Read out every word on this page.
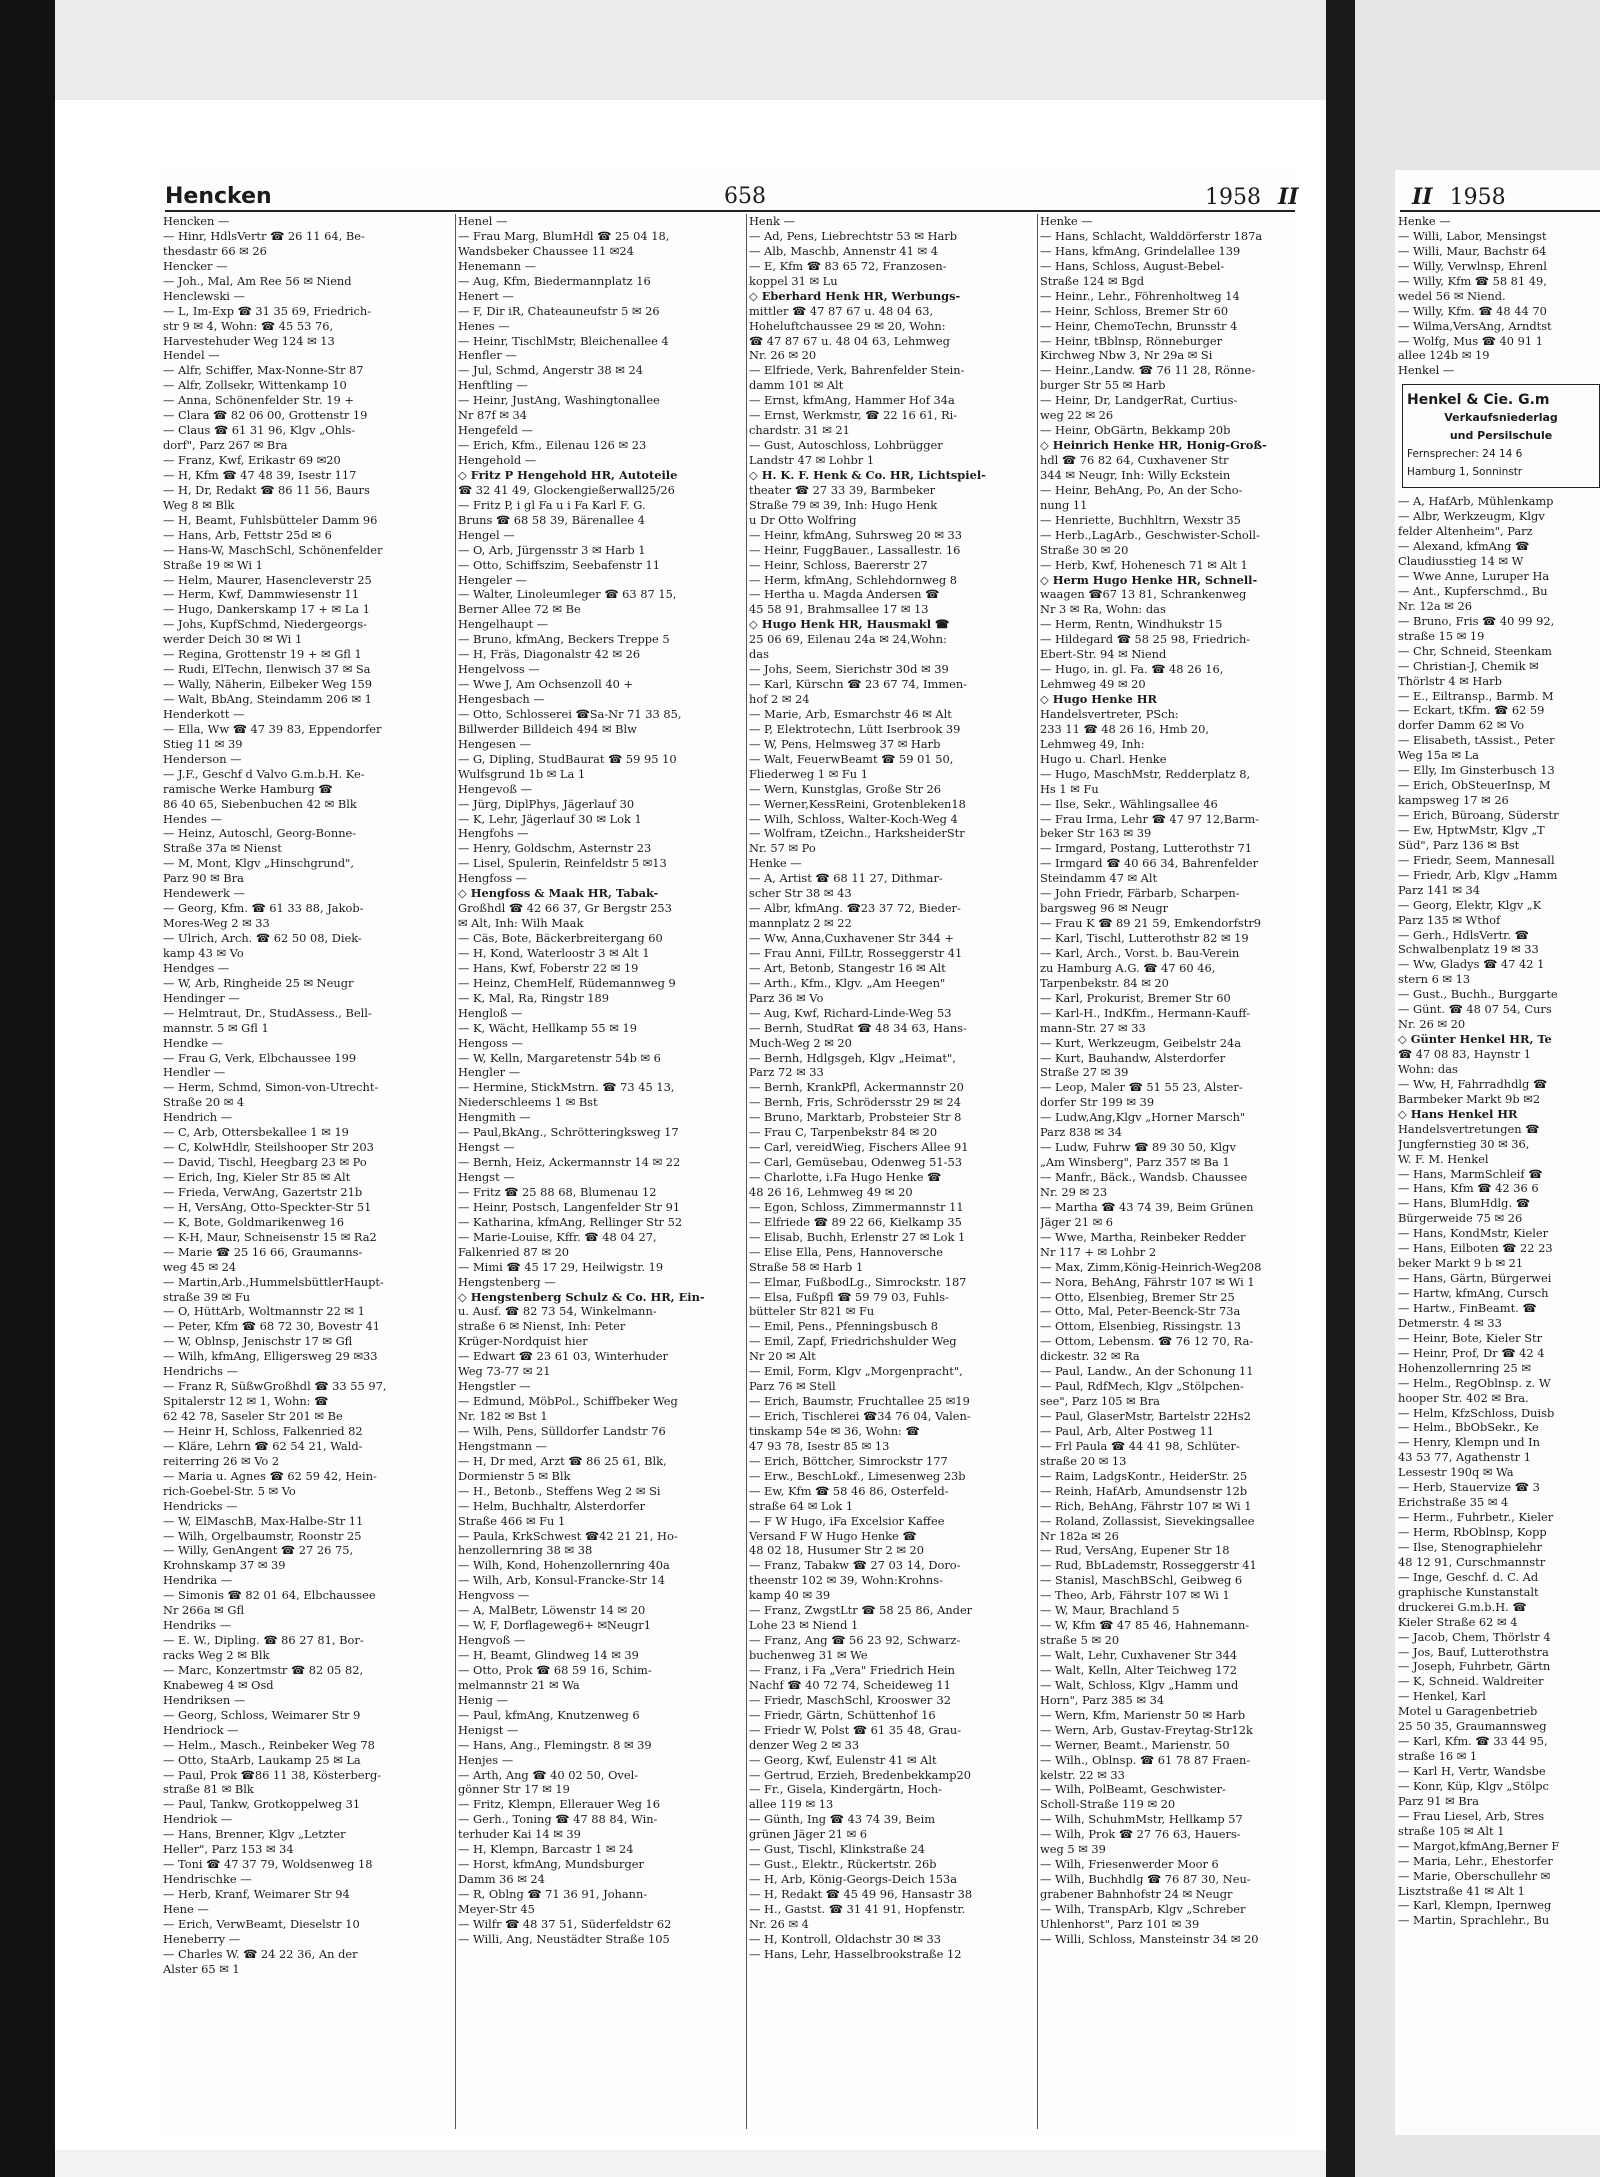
Hencken	658	1958 II	II 1958
Hencken —
— Hinr, HdlsVertr ☎ 26 11 64, Be-
thesdastr 66 ✉ 26
Hencker —
— Joh., Mal, Am Ree 56 ✉ Niend
Henclewski —
— L, Im-Exp ☎ 31 35 69, Friedrich-
str 9 ✉ 4, Wohn: ☎ 45 53 76,
Harvestehuder Weg 124 ✉ 13
Hendel —
— Alfr, Schiffer, Max-Nonne-Str 87
— Alfr, Zollsekr, Wittenkamp 10
— Anna, Schönenfelder Str. 19 +
— Clara ☎ 82 06 00, Grottenstr 19
— Claus ☎ 61 31 96, Klgv „Ohls-
dorf", Parz 267 ✉ Bra
— Franz, Kwf, Erikastr 69 ✉20
— H, Kfm ☎ 47 48 39, Isestr 117
— H, Dr, Redakt ☎ 86 11 56, Baurs
Weg 8 ✉ Blk
— H, Beamt, Fuhlsbütteler Damm 96
— Hans, Arb, Fettstr 25d ✉ 6
— Hans-W, MaschSchl, Schönenfelder
Straße 19 ✉ Wi 1
— Helm, Maurer, Hasencleverstr 25
— Herm, Kwf, Dammwiesenstr 11
— Hugo, Dankerskamp 17 + ✉ La 1
— Johs, KupfSchmd, Niedergeorgs-
werder Deich 30 ✉ Wi 1
— Regina, Grottenstr 19 + ✉ Gfl 1
— Rudi, ElTechn, Ilenwisch 37 ✉ Sa
— Wally, Näherin, Eilbeker Weg 159
— Walt, BbAng, Steindamm 206 ✉ 1
Henderkott —
— Ella, Ww ☎ 47 39 83, Eppendorfer
Stieg 11 ✉ 39
Henderson —
— J.F., Geschf d Valvo G.m.b.H. Ke-
ramische Werke Hamburg ☎
86 40 65, Siebenbuchen 42 ✉ Blk
Hendes —
— Heinz, Autoschl, Georg-Bonne-
Straße 37a ✉ Nienst
— M, Mont, Klgv „Hinschgrund",
Parz 90 ✉ Bra
Hendewerk —
— Georg, Kfm. ☎ 61 33 88, Jakob-
Mores-Weg 2 ✉ 33
— Ulrich, Arch. ☎ 62 50 08, Diek-
kamp 43 ✉ Vo
Hendges —
— W, Arb, Ringheide 25 ✉ Neugr
Hendinger —
— Helmtraut, Dr., StudAssess., Bell-
mannstr. 5 ✉ Gfl 1
Hendke —
— Frau G, Verk, Elbchaussee 199
Hendler —
— Herm, Schmd, Simon-von-Utrecht-
Straße 20 ✉ 4
Hendrich —
— C, Arb, Ottersbekallee 1 ✉ 19
— C, KolwHdlr, Steilshooper Str 203
— David, Tischl, Heegbarg 23 ✉ Po
— Erich, Ing, Kieler Str 85 ✉ Alt
— Frieda, VerwAng, Gazertstr 21b
— H, VersAng, Otto-Speckter-Str 51
— K, Bote, Goldmarikenweg 16
— K-H, Maur, Schneisenstr 15 ✉ Ra2
— Marie ☎ 25 16 66, Graumanns-
weg 45 ✉ 24
— Martin,Arb.,HummelsbüttlerHaupt-
straße 39 ✉ Fu
— O, HüttArb, Woltmannstr 22 ✉ 1
— Peter, Kfm ☎ 68 72 30, Bovestr 41
— W, Oblnsp, Jenischstr 17 ✉ Gfl
— Wilh, kfmAng, Elligersweg 29 ✉33
Hendrichs —
— Franz R, SüßwGroßhdl ☎ 33 55 97,
Spitalerstr 12 ✉ 1, Wohn: ☎
62 42 78, Saseler Str 201 ✉ Be
— Heinr H, Schloss, Falkenried 82
— Kläre, Lehrn ☎ 62 54 21, Wald-
reiterring 26 ✉ Vo 2
— Maria u. Agnes ☎ 62 59 42, Hein-
rich-Goebel-Str. 5 ✉ Vo
Hendricks —
— W, ElMaschB, Max-Halbe-Str 11
— Wilh, Orgelbaumstr, Roonstr 25
— Willy, GenAngent ☎ 27 26 75,
Krohnskamp 37 ✉ 39
Hendrika —
— Simonis ☎ 82 01 64, Elbchaussee
Nr 266a ✉ Gfl
Hendriks —
— E. W., Dipling. ☎ 86 27 81, Bor-
racks Weg 2 ✉ Blk
— Marc, Konzertmstr ☎ 82 05 82,
Knabeweg 4 ✉ Osd
Hendriksen —
— Georg, Schloss, Weimarer Str 9
Hendriock —
— Helm., Masch., Reinbeker Weg 78
— Otto, StaArb, Laukamp 25 ✉ La
— Paul, Prok ☎86 11 38, Kösterberg-
straße 81 ✉ Blk
— Paul, Tankw, Grotkoppelweg 31
Hendriok —
— Hans, Brenner, Klgv „Letzter
Heller", Parz 153 ✉ 34
— Toni ☎ 47 37 79, Woldsenweg 18
Hendrischke —
— Herb, Kranf, Weimarer Str 94
Hene —
— Erich, VerwBeamt, Dieselstr 10
Heneberry —
— Charles W. ☎ 24 22 36, An der
Alster 65 ✉ 1
Henel —
— Frau Marg, BlumHdl ☎ 25 04 18,
Wandsbeker Chaussee 11 ✉24
Henemann —
— Aug, Kfm, Biedermannplatz 16
Henert —
— F, Dir iR, Chateauneufstr 5 ✉ 26
Henes —
— Heinr, TischlMstr, Bleichenallee 4
Henfler —
— Jul, Schmd, Angerstr 38 ✉ 24
Henftling —
— Heinr, JustAng, Washingtonallee
Nr 87f ✉ 34
Hengefeld —
— Erich, Kfm., Eilenau 126 ✉ 23
Hengehold —
◇ Fritz P Hengehold HR, Autoteile
☎ 32 41 49, Glockengießerwall25/26
— Fritz P, i gl Fa u i Fa Karl F. G.
Bruns ☎ 68 58 39, Bärenallee 4
Hengel —
— O, Arb, Jürgensstr 3 ✉ Harb 1
— Otto, Schiffszim, Seebafenstr 11
Hengeler —
— Walter, Linoleumleger ☎ 63 87 15,
Berner Allee 72 ✉ Be
Hengelhaupt —
— Bruno, kfmAng, Beckers Treppe 5
— H, Fräs, Diagonalstr 42 ✉ 26
Hengelvoss —
— Wwe J, Am Ochsenzoll 40 +
Hengesbach —
— Otto, Schlosserei ☎Sa-Nr 71 33 85,
Billwerder Billdeich 494 ✉ Blw
Hengesen —
— G, Dipling, StudBaurat ☎ 59 95 10
Wulfsgrund 1b ✉ La 1
Hengevoß —
— Jürg, DiplPhys, Jägerlauf 30
— K, Lehr, Jägerlauf 30 ✉ Lok 1
Hengfohs —
— Henry, Goldschm, Asternstr 23
— Lisel, Spulerin, Reinfeldstr 5 ✉13
Hengfoss —
◇ Hengfoss & Maak HR, Tabak-
Großhdl ☎ 42 66 37, Gr Bergstr 253
✉ Alt, Inh: Wilh Maak
— Cäs, Bote, Bäckerbreitergang 60
— H, Kond, Waterloostr 3 ✉ Alt 1
— Hans, Kwf, Foberstr 22 ✉ 19
— Heinz, ChemHelf, Rüdemannweg 9
— K, Mal, Ra, Ringstr 189
Hengloß —
— K, Wächt, Hellkamp 55 ✉ 19
Hengoss —
— W, Kelln, Margaretenstr 54b ✉ 6
Hengler —
— Hermine, StickMstrn. ☎ 73 45 13,
Niederschleems 1 ✉ Bst
Hengmith —
— Paul,BkAng., Schrötteringksweg 17
Hengst —
— Bernh, Heiz, Ackermannstr 14 ✉ 22
Hengst —
— Fritz ☎ 25 88 68, Blumenau 12
— Heinr, Postsch, Langenfelder Str 91
— Katharina, kfmAng, Rellinger Str 52
— Marie-Louise, Kffr. ☎ 48 04 27,
Falkenried 87 ✉ 20
— Mimi ☎ 45 17 29, Heilwigstr. 19
Hengstenberg —
◇ Hengstenberg Schulz & Co. HR, Ein-
u. Ausf. ☎ 82 73 54, Winkelmann-
straße 6 ✉ Nienst, Inh: Peter
Krüger-Nordquist hier
— Edwart ☎ 23 61 03, Winterhuder
Weg 73-77 ✉ 21
Hengstler —
— Edmund, MöbPol., Schiffbeker Weg
Nr. 182 ✉ Bst 1
— Wilh, Pens, Sülldorfer Landstr 76
Hengstmann —
— H, Dr med, Arzt ☎ 86 25 61, Blk,
Dormienstr 5 ✉ Blk
— H., Betonb., Steffens Weg 2 ✉ Si
— Helm, Buchhaltr, Alsterdorfer
Straße 466 ✉ Fu 1
— Paula, KrkSchwest ☎42 21 21, Ho-
henzollernring 38 ✉ 38
— Wilh, Kond, Hohenzollernring 40a
— Wilh, Arb, Konsul-Francke-Str 14
Hengvoss —
— A, MalBetr, Löwenstr 14 ✉ 20
— W, F, Dorflageweg6+ ✉Neugr1
Hengvoß —
— H, Beamt, Glindweg 14 ✉ 39
— Otto, Prok ☎ 68 59 16, Schim-
melmannstr 21 ✉ Wa
Henig —
— Paul, kfmAng, Knutzenweg 6
Henigst —
— Hans, Ang., Flemingstr. 8 ✉ 39
Henjes —
— Arth, Ang ☎ 40 02 50, Ovel-
gönner Str 17 ✉ 19
— Fritz, Klempn, Ellerauer Weg 16
— Gerh., Toning ☎ 47 88 84, Win-
terhuder Kai 14 ✉ 39
— H, Klempn, Barcastr 1 ✉ 24
— Horst, kfmAng, Mundsburger
Damm 36 ✉ 24
— R, Oblng ☎ 71 36 91, Johann-
Meyer-Str 45
— Wilfr ☎ 48 37 51, Süderfeldstr 62
— Willi, Ang, Neustädter Straße 105
Henk —
— Ad, Pens, Liebrechtstr 53 ✉ Harb
— Alb, Maschb, Annenstr 41 ✉ 4
— E, Kfm ☎ 83 65 72, Franzosen-
koppel 31 ✉ Lu
◇ Eberhard Henk HR, Werbungs-
mittler ☎ 47 87 67 u. 48 04 63,
Hoheluftchaussee 29 ✉ 20, Wohn:
☎ 47 87 67 u. 48 04 63, Lehmweg
Nr. 26 ✉ 20
— Elfriede, Verk, Bahrenfelder Stein-
damm 101 ✉ Alt
— Ernst, kfmAng, Hammer Hof 34a
— Ernst, Werkmstr, ☎ 22 16 61, Ri-
chardstr. 31 ✉ 21
— Gust, Autoschloss, Lohbrügger
Landstr 47 ✉ Lohbr 1
◇ H. K. F. Henk & Co. HR, Lichtspiel-
theater ☎ 27 33 39, Barmbeker
Straße 79 ✉ 39, Inh: Hugo Henk
u Dr Otto Wolfring
— Heinr, kfmAng, Suhrsweg 20 ✉ 33
— Heinr, FuggBauer., Lassallestr. 16
— Heinr, Schloss, Baererstr 27
— Herm, kfmAng, Schlehdornweg 8
— Hertha u. Magda Andersen ☎
45 58 91, Brahmsallee 17 ✉ 13
◇ Hugo Henk HR, Hausmakl ☎
25 06 69, Eilenau 24a ✉ 24,Wohn:
das
— Johs, Seem, Sierichstr 30d ✉ 39
— Karl, Kürschn ☎ 23 67 74, Immen-
hof 2 ✉ 24
— Marie, Arb, Esmarchstr 46 ✉ Alt
— P, Elektrotechn, Lütt Iserbrook 39
— W, Pens, Helmsweg 37 ✉ Harb
— Walt, FeuerwBeamt ☎ 59 01 50,
Fliederweg 1 ✉ Fu 1
— Wern, Kunstglas, Große Str 26
— Werner,KessReini, Grotenbleken18
— Wilh, Schloss, Walter-Koch-Weg 4
— Wolfram, tZeichn., HarksheiderStr
Nr. 57 ✉ Po
Henke —
— A, Artist ☎ 68 11 27, Dithmar-
scher Str 38 ✉ 43
— Albr, kfmAng. ☎23 37 72, Bieder-
mannplatz 2 ✉ 22
— Ww, Anna,Cuxhavener Str 344 +
— Frau Anni, FilLtr, Rosseggerstr 41
— Art, Betonb, Stangestr 16 ✉ Alt
— Arth., Kfm., Klgv. „Am Heegen"
Parz 36 ✉ Vo
— Aug, Kwf, Richard-Linde-Weg 53
— Bernh, StudRat ☎ 48 34 63, Hans-
Much-Weg 2 ✉ 20
— Bernh, Hdlgsgeh, Klgv „Heimat",
Parz 72 ✉ 33
— Bernh, KrankPfl, Ackermannstr 20
— Bernh, Fris, Schrödersstr 29 ✉ 24
— Bruno, Marktarb, Probsteier Str 8
— Frau C, Tarpenbekstr 84 ✉ 20
— Carl, vereidWieg, Fischers Allee 91
— Carl, Gemüsebau, Odenweg 51-53
— Charlotte, i.Fa Hugo Henke ☎
48 26 16, Lehmweg 49 ✉ 20
— Egon, Schloss, Zimmermannstr 11
— Elfriede ☎ 89 22 66, Kielkamp 35
— Elisab, Buchh, Erlenstr 27 ✉ Lok 1
— Elise Ella, Pens, Hannoversche
Straße 58 ✉ Harb 1
— Elmar, FußbodLg., Simrockstr. 187
— Elsa, Fußpfl ☎ 59 79 03, Fuhls-
bütteler Str 821 ✉ Fu
— Emil, Pens., Pfenningsbusch 8
— Emil, Zapf, Friedrichshulder Weg
Nr 20 ✉ Alt
— Emil, Form, Klgv „Morgenpracht",
Parz 76 ✉ Stell
— Erich, Baumstr, Fruchtallee 25 ✉19
— Erich, Tischlerei ☎34 76 04, Valen-
tinskamp 54e ✉ 36, Wohn: ☎
47 93 78, Isestr 85 ✉ 13
— Erich, Böttcher, Simrockstr 177
— Erw., BeschLokf., Limesenweg 23b
— Ew, Kfm ☎ 58 46 86, Osterfeld-
straße 64 ✉ Lok 1
— F W Hugo, iFa Excelsior Kaffee
Versand F W Hugo Henke ☎
48 02 18, Husumer Str 2 ✉ 20
— Franz, Tabakw ☎ 27 03 14, Doro-
theenstr 102 ✉ 39, Wohn:Krohns-
kamp 40 ✉ 39
— Franz, ZwgstLtr ☎ 58 25 86, Ander
Lohe 23 ✉ Niend 1
— Franz, Ang ☎ 56 23 92, Schwarz-
buchenweg 31 ✉ We
— Franz, i Fa „Vera" Friedrich Hein
Nachf ☎ 40 72 74, Scheideweg 11
— Friedr, MaschSchl, Krooswег 32
— Friedr, Gärtn, Schüttenhof 16
— Friedr W, Polst ☎ 61 35 48, Grau-
denzer Weg 2 ✉ 33
— Georg, Kwf, Eulenstr 41 ✉ Alt
— Gertrud, Erzieh, Bredenbekkamp20
— Fr., Gisela, Kindergärtn, Hoch-
allee 119 ✉ 13
— Günth, Ing ☎ 43 74 39, Beim
grünen Jäger 21 ✉ 6
— Gust, Tischl, Klinkstraße 24
— Gust., Elektr., Rückertstr. 26b
— H, Arb, König-Georgs-Deich 153a
— H, Redakt ☎ 45 49 96, Hansastr 38
— H., Gastst. ☎ 31 41 91, Hopfenstr.
Nr. 26 ✉ 4
— H, Kontroll, Oldachstr 30 ✉ 33
— Hans, Lehr, Hasselbrookstraße 12
Henke —
— Hans, Schlacht, Walddörferstr 187a
— Hans, kfmAng, Grindelallee 139
— Hans, Schloss, August-Bebel-
Straße 124 ✉ Bgd
— Heinr., Lehr., Föhrenholtweg 14
— Heinr, Schloss, Bremer Str 60
— Heinr, ChemoTechn, Brunsstr 4
— Heinr, tBblnsp, Rönneburger
Kirchweg Nbw 3, Nr 29a ✉ Si
— Heinr.,Landw. ☎ 76 11 28, Rönne-
burger Str 55 ✉ Harb
— Heinr, Dr, LandgerRat, Curtius-
weg 22 ✉ 26
— Heinr, ObGärtn, Bekkamp 20b
◇ Heinrich Henke HR, Honig-Groß-
hdl ☎ 76 82 64, Cuxhavener Str
344 ✉ Neugr, Inh: Willy Eckstein
— Heinr, BehAng, Po, An der Scho-
nung 11
— Henriette, Buchhltrn, Wexstr 35
— Herb.,LagArb., Geschwister-Scholl-
Straße 30 ✉ 20
— Herb, Kwf, Hohenesch 71 ✉ Alt 1
◇ Herm Hugo Henke HR, Schnell-
waagen ☎67 13 81, Schrankenweg
Nr 3 ✉ Ra, Wohn: das
— Herm, Rentn, Windhukstr 15
— Hildegard ☎ 58 25 98, Friedrich-
Ebert-Str. 94 ✉ Niend
— Hugo, in. gl. Fa. ☎ 48 26 16,
Lehmweg 49 ✉ 20
◇ Hugo Henke HR
Handelsvertreter, PSch:
233 11 ☎ 48 26 16, Hmb 20,
Lehmweg 49, Inh:
Hugo u. Charl. Henke
— Hugo, MaschMstr, Redderplatz 8,
Hs 1 ✉ Fu
— Ilse, Sekr., Wählingsallee 46
— Frau Irma, Lehr ☎ 47 97 12,Barm-
beker Str 163 ✉ 39
— Irmgard, Postang, Lutterothstr 71
— Irmgard ☎ 40 66 34, Bahrenfelder
Steindamm 47 ✉ Alt
— John Friedr, Färbarb, Scharpen-
bargsweg 96 ✉ Neugr
— Frau K ☎ 89 21 59, Emkendorfstr9
— Karl, Tischl, Lutterothstr 82 ✉ 19
— Karl, Arch., Vorst. b. Bau-Verein
zu Hamburg A.G. ☎ 47 60 46,
Tarpenbekstr. 84 ✉ 20
— Karl, Prokurist, Bremer Str 60
— Karl-H., IndKfm., Hermann-Kauff-
mann-Str. 27 ✉ 33
— Kurt, Werkzeugm, Geibelstr 24a
— Kurt, Bauhandw, Alsterdorfer
Straße 27 ✉ 39
— Leop, Maler ☎ 51 55 23, Alster-
dorfer Str 199 ✉ 39
— Ludw,Ang,Klgv „Horner Marsch"
Parz 838 ✉ 34
— Ludw, Fuhrw ☎ 89 30 50, Klgv
„Am Winsberg", Parz 357 ✉ Ba 1
— Manfr., Bäck., Wandsb. Chaussee
Nr. 29 ✉ 23
— Martha ☎ 43 74 39, Beim Grünen
Jäger 21 ✉ 6
— Wwe, Martha, Reinbeker Redder
Nr 117 + ✉ Lohbr 2
— Max, Zimm,König-Heinrich-Weg208
— Nora, BehAng, Fährstr 107 ✉ Wi 1
— Otto, Elsenbieg, Bremer Str 25
— Otto, Mal, Peter-Beenck-Str 73a
— Ottom, Elsenbieg, Rissingstr. 13
— Ottom, Lebensm. ☎ 76 12 70, Ra-
dickestr. 32 ✉ Ra
— Paul, Landw., An der Schonung 11
— Paul, RdfMech, Klgv „Stölpchen-
see", Parz 105 ✉ Bra
— Paul, GlaserMstr, Bartelstr 22Hs2
— Paul, Arb, Alter Postweg 11
— Frl Paula ☎ 44 41 98, Schlüter-
straße 20 ✉ 13
— Raim, LadgsKontr., HeiderStr. 25
— Reinh, HafArb, Amundsenstr 12b
— Rich, BehAng, Fährstr 107 ✉ Wi 1
— Roland, Zollassist, Sievekingsallee
Nr 182a ✉ 26
— Rud, VersAng, Eupener Str 18
— Rud, BbLademstr, Rosseggerstr 41
— Stanisl, MaschBSchl, Geibweg 6
— Theo, Arb, Fährstr 107 ✉ Wi 1
— W, Maur, Brachland 5
— W, Kfm ☎ 47 85 46, Hahnemann-
straße 5 ✉ 20
— Walt, Lehr, Cuxhavener Str 344
— Walt, Kelln, Alter Teichweg 172
— Walt, Schloss, Klgv „Hamm und
Horn", Parz 385 ✉ 34
— Wern, Kfm, Marienstr 50 ✉ Harb
— Wern, Arb, Gustav-Freytag-Str12k
— Werner, Beamt., Marienstr. 50
— Wilh., Oblnsp. ☎ 61 78 87 Fraen-
kelstr. 22 ✉ 33
— Wilh, PolBeamt, Geschwister-
Scholl-Straße 119 ✉ 20
— Wilh, SchuhmMstr, Hellkamp 57
— Wilh, Prok ☎ 27 76 63, Hauers-
weg 5 ✉ 39
— Wilh, Friesenwerder Moor 6
— Wilh, Buchhdlg ☎ 76 87 30, Neu-
grabener Bahnhofstr 24 ✉ Neugr
— Wilh, TranspArb, Klgv „Schreber
Uhlenhorst", Parz 101 ✉ 39
— Willi, Schloss, Mansteinstr 34 ✉ 20
Henke —
— Willi, Labor, Mensingst
— Willi, Maur, Bachstr 64
— Willy, Verwlnsp, Ehrenl
— Willy, Kfm ☎ 58 81 49,
wedel 56 ✉ Niend.
— Willy, Kfm. ☎ 48 44 70
— Wilma,VersAng, Arndtst
— Wolfg, Mus ☎ 40 91 1
allee 124b ✉ 19
Henkel —
Henkel & Cie. G.m
Verkaufsniederlag
und Persilschule
Fernsprecher: 24 14 6
Hamburg 1, Sonninstr
— A, HafArb, Mühlenkamp
— Albr, Werkzeugm, Klgv
felder Altenheim", Parz
— Alexand, kfmAng ☎
Claudiusstieg 14 ✉ W
— Wwe Anne, Luruper Ha
— Ant., Kupferschmd., Bu
Nr. 12a ✉ 26
— Bruno, Fris ☎ 40 99 92,
straße 15 ✉ 19
— Chr, Schneid, Steenkam
— Christian-J, Chemik ✉
Thörlstr 4 ✉ Harb
— E., Eiltransp., Barmb. M
— Eckart, tKfm. ☎ 62 59
dorfer Damm 62 ✉ Vo
— Elisabeth, tAssist., Peter
Weg 15a ✉ La
— Elly, Im Ginsterbusch 13
— Erich, ObSteuerInsp, M
kampsweg 17 ✉ 26
— Erich, Büroang, Süderstr
— Ew, HptwMstr, Klgv „T
Süd", Parz 136 ✉ Bst
— Friedr, Seem, Mannesall
— Friedr, Arb, Klgv „Hamm
Parz 141 ✉ 34
— Georg, Elektr, Klgv „K
Parz 135 ✉ Wthof
— Gerh., HdlsVertr. ☎
Schwalbenplatz 19 ✉ 33
— Ww, Gladys ☎ 47 42 1
stern 6 ✉ 13
— Gust., Buchh., Burggarte
— Günt. ☎ 48 07 54, Curs
Nr. 26 ✉ 20
◇ Günter Henkel HR, Te
☎ 47 08 83, Haynstr 1
Wohn: das
— Ww, H, Fahrradhdlg ☎
Barmbeker Markt 9b ✉2
◇ Hans Henkel HR
Handelsvertretungen ☎
Jungfernstieg 30 ✉ 36,
W. F. M. Henkel
— Hans, MarmSchleif ☎
— Hans, Kfm ☎ 42 36 6
— Hans, BlumHdlg. ☎
Bürgerweide 75 ✉ 26
— Hans, KondMstr, Kieler
— Hans, Eilboten ☎ 22 23
beker Markt 9 b ✉ 21
— Hans, Gärtn, Bürgerwei
— Hartw, kfmAng, Cursch
— Hartw., FinBeamt. ☎
Detmerstr. 4 ✉ 33
— Heinr, Bote, Kieler Str
— Heinr, Prof, Dr ☎ 42 4
Hohenzollernring 25 ✉
— Helm., RegOblnsp. z. W
hooper Str. 402 ✉ Bra.
— Helm, KfzSchloss, Duisb
— Helm., BbObSekr., Ke
— Henry, Klempn und In
43 53 77, Agathenstr 1
Lessestr 190q ✉ Wa
— Herb, Stauervize ☎ 3
Erichstraße 35 ✉ 4
— Herm., Fuhrbetr., Kieler
— Herm, RbOblnsp, Kopp
— Ilse, Stenographielehr
48 12 91, Curschmannstr
— Inge, Geschf. d. C. Ad
graphische Kunstanstalt
druckerei G.m.b.H. ☎
Kieler Straße 62 ✉ 4
— Jacob, Chem, Thörlstr 4
— Jos, Bauf, Lutterothstra
— Joseph, Fuhrbetr, Gärtn
— K, Schneid. Waldreiter
— Henkel, Karl
Motel u Garagenbetrieb
25 50 35, Graumannsweg
— Karl, Kfm. ☎ 33 44 95,
straße 16 ✉ 1
— Karl H, Vertr, Wandsbe
— Konr, Küp, Klgv „Stölpc
Parz 91 ✉ Bra
— Frau Liesel, Arb, Stres
straße 105 ✉ Alt 1
— Margot,kfmAng,Berner F
— Maria, Lehr., Ehestorfer
— Marie, Oberschullehr ✉
Lisztstraße 41 ✉ Alt 1
— Karl, Klempn, Ipernweg
— Martin, Sprachlehr., Bu
